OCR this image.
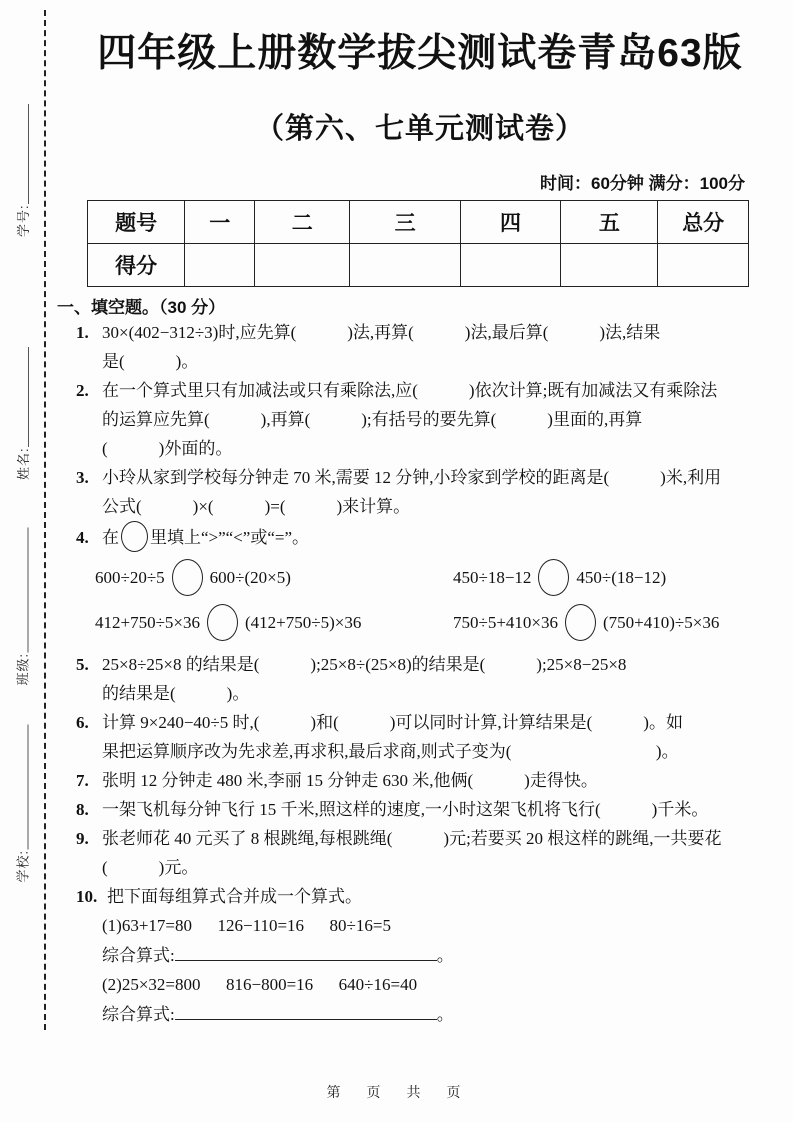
学号:
姓名:
班级:
学校:
四年级上册数学拔尖测试卷青岛63版
（第六、七单元测试卷）
时间：60分钟 满分：100分
题号	一	二	三	四	五	总分
得分						
一、填空题。（30 分）
1. 30×(402−312÷3)时,应先算(            )法,再算(            )法,最后算(            )法,结果
是(            )。
2. 在一个算式里只有加减法或只有乘除法,应(            )依次计算;既有加减法又有乘除法
的运算应先算(            ),再算(            );有括号的要先算(            )里面的,再算
(            )外面的。
3. 小玲从家到学校每分钟走 70 米,需要 12 分钟,小玲家到学校的距离是(            )米,利用
公式(            )×(            )=(            )来计算。
4. 在 里填上“>”“<”或“=”。
600÷20÷5	600÷(20×5)	450÷18−12	450÷(18−12)
412+750÷5×36	(412+750÷5)×36	750÷5+410×36	(750+410)÷5×36
5. 25×8÷25×8 的结果是(            );25×8÷(25×8)的结果是(            );25×8−25×8
的结果是(            )。
6. 计算 9×240−40÷5 时,(            )和(            )可以同时计算,计算结果是(            )。如
果把运算顺序改为先求差,再求积,最后求商,则式子变为(                                  )。
7. 张明 12 分钟走 480 米,李丽 15 分钟走 630 米,他俩(            )走得快。
8. 一架飞机每分钟飞行 15 千米,照这样的速度,一小时这架飞机将飞行(            )千米。
9. 张老师花 40 元买了 8 根跳绳,每根跳绳(            )元;若要买 20 根这样的跳绳,一共要花
(            )元。
10. 把下面每组算式合并成一个算式。
(1)63+17=80      126−110=16      80÷16=5
综合算式:	。
(2)25×32=800      816−800=16      640÷16=40
综合算式:	。
第　页　共　页
